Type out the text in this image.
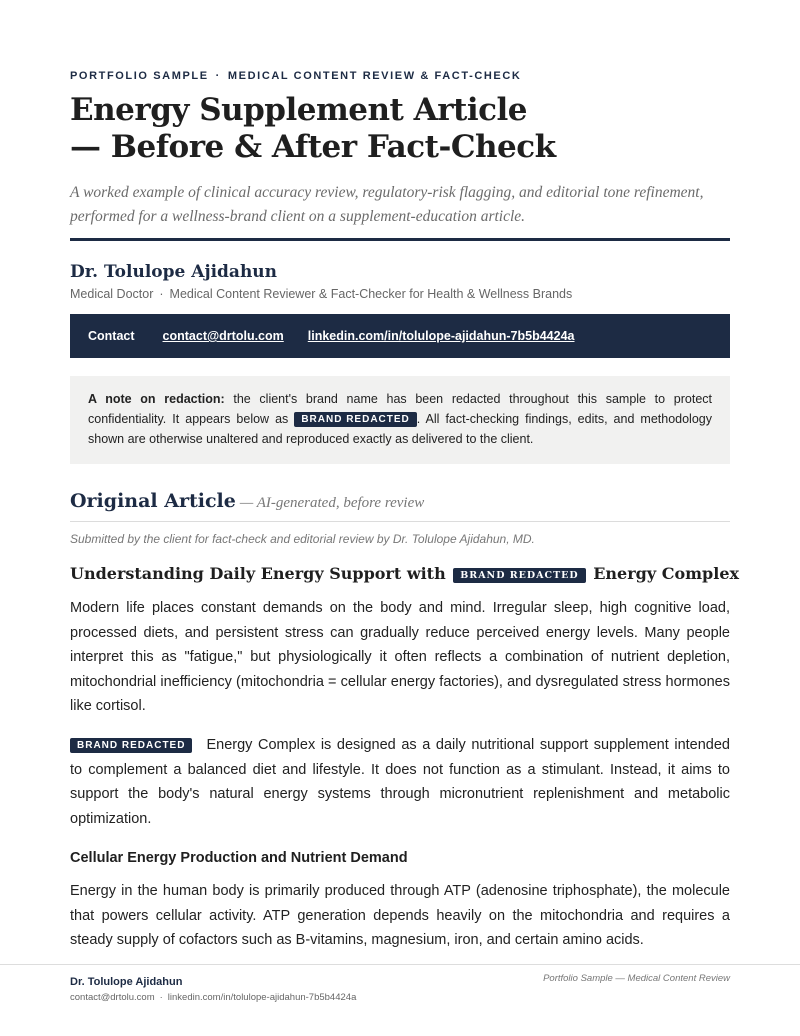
PORTFOLIO SAMPLE · MEDICAL CONTENT REVIEW & FACT-CHECK
Energy Supplement Article
— Before & After Fact-Check

A worked example of clinical accuracy review, regulatory-risk flagging, and editorial tone refinement, performed for a wellness-brand client on a supplement-education article.

Dr. Tolulope Ajidahun
Medical Doctor · Medical Content Reviewer & Fact-Checker for Health & Wellness Brands
Contact contact@drtolu.com linkedin.com/in/tolulope-ajidahun-7b5b4424a
A note on redaction: the client's brand name has been redacted throughout this sample to protect confidentiality. It appears below as BRAND REDACTED . All fact-checking findings, edits, and methodology shown are otherwise unaltered and reproduced exactly as delivered to the client.
Original Article — AI-generated, before review
Submitted by the client for fact-check and editorial review by Dr. Tolulope Ajidahun, MD.
Understanding Daily Energy Support with BRAND REDACTED Energy Complex

Modern life places constant demands on the body and mind. Irregular sleep, high cognitive load, processed diets, and persistent stress can gradually reduce perceived energy levels. Many people interpret this as "fatigue," but physiologically it often reflects a combination of nutrient depletion, mitochondrial inefficiency (mitochondria = cellular energy factories), and dysregulated stress hormones like cortisol.

BRAND REDACTED Energy Complex is designed as a daily nutritional support supplement intended to complement a balanced diet and lifestyle. It does not function as a stimulant. Instead, it aims to support the body's natural energy systems through micronutrient replenishment and metabolic optimization.

Cellular Energy Production and Nutrient Demand

Energy in the human body is primarily produced through ATP (adenosine triphosphate), the molecule that powers cellular activity. ATP generation depends heavily on the mitochondria and requires a steady supply of cofactors such as B-vitamins, magnesium, iron, and certain amino acids.

Dr. Tolulope Ajidahun
contact@drtolu.com · linkedin.com/in/tolulope-ajidahun-7b5b4424a
Portfolio Sample — Medical Content Review
